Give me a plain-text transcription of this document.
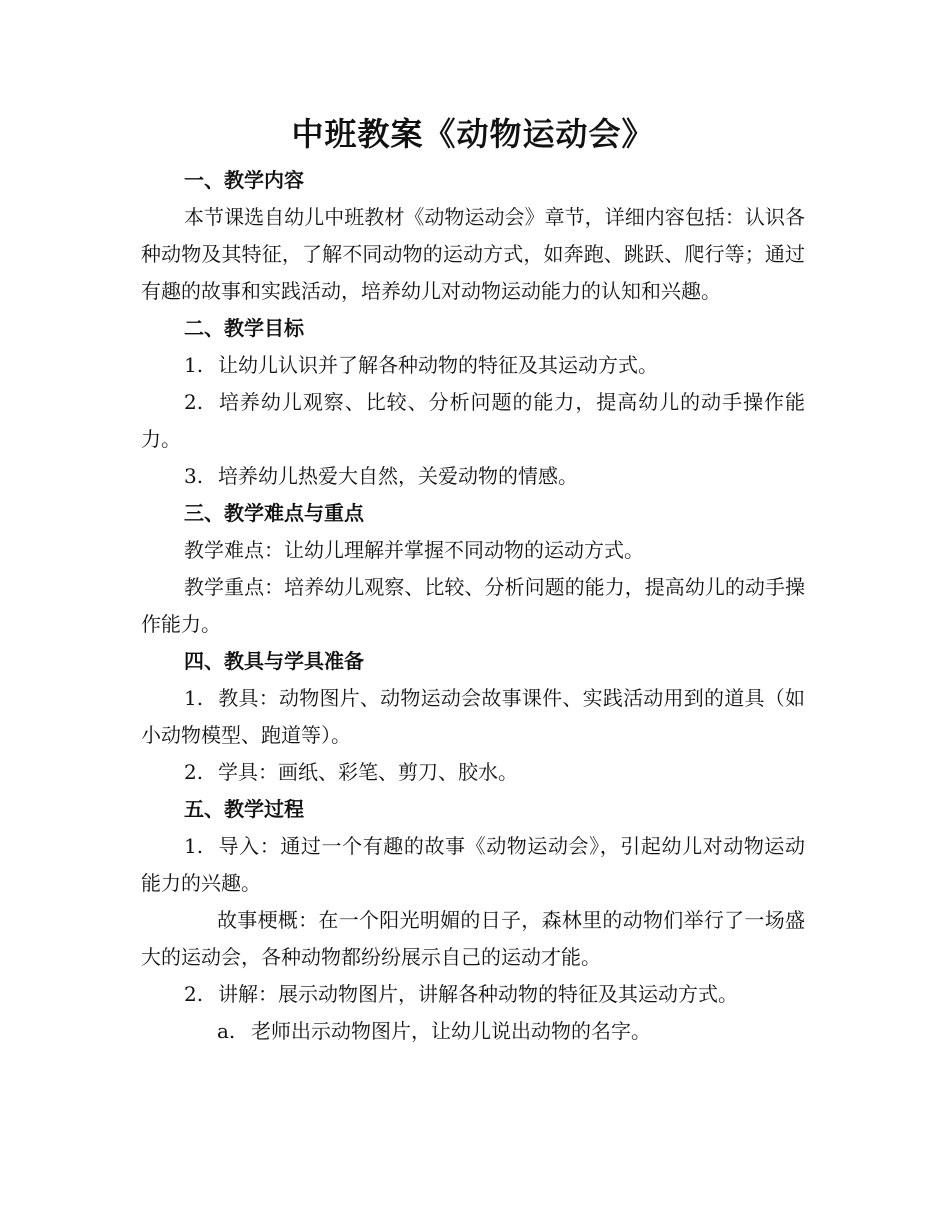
中班教案《动物运动会》
一、教学内容

本节课选自幼儿中班教材《动物运动会》章节，详细内容包括：认识各种动物及其特征，了解不同动物的运动方式，如奔跑、跳跃、爬行等；通过有趣的故事和实践活动，培养幼儿对动物运动能力的认知和兴趣。

二、教学目标

1. 让幼儿认识并了解各种动物的特征及其运动方式。

2. 培养幼儿观察、比较、分析问题的能力，提高幼儿的动手操作能力。

3. 培养幼儿热爱大自然，关爱动物的情感。

三、教学难点与重点

教学难点：让幼儿理解并掌握不同动物的运动方式。

教学重点：培养幼儿观察、比较、分析问题的能力，提高幼儿的动手操作能力。

四、教具与学具准备

1. 教具：动物图片、动物运动会故事课件、实践活动用到的道具（如小动物模型、跑道等）。

2. 学具：画纸、彩笔、剪刀、胶水。

五、教学过程

1. 导入：通过一个有趣的故事《动物运动会》，引起幼儿对动物运动能力的兴趣。

故事梗概：在一个阳光明媚的日子，森林里的动物们举行了一场盛大的运动会，各种动物都纷纷展示自己的运动才能。

2. 讲解：展示动物图片，讲解各种动物的特征及其运动方式。

a. 老师出示动物图片，让幼儿说出动物的名字。
